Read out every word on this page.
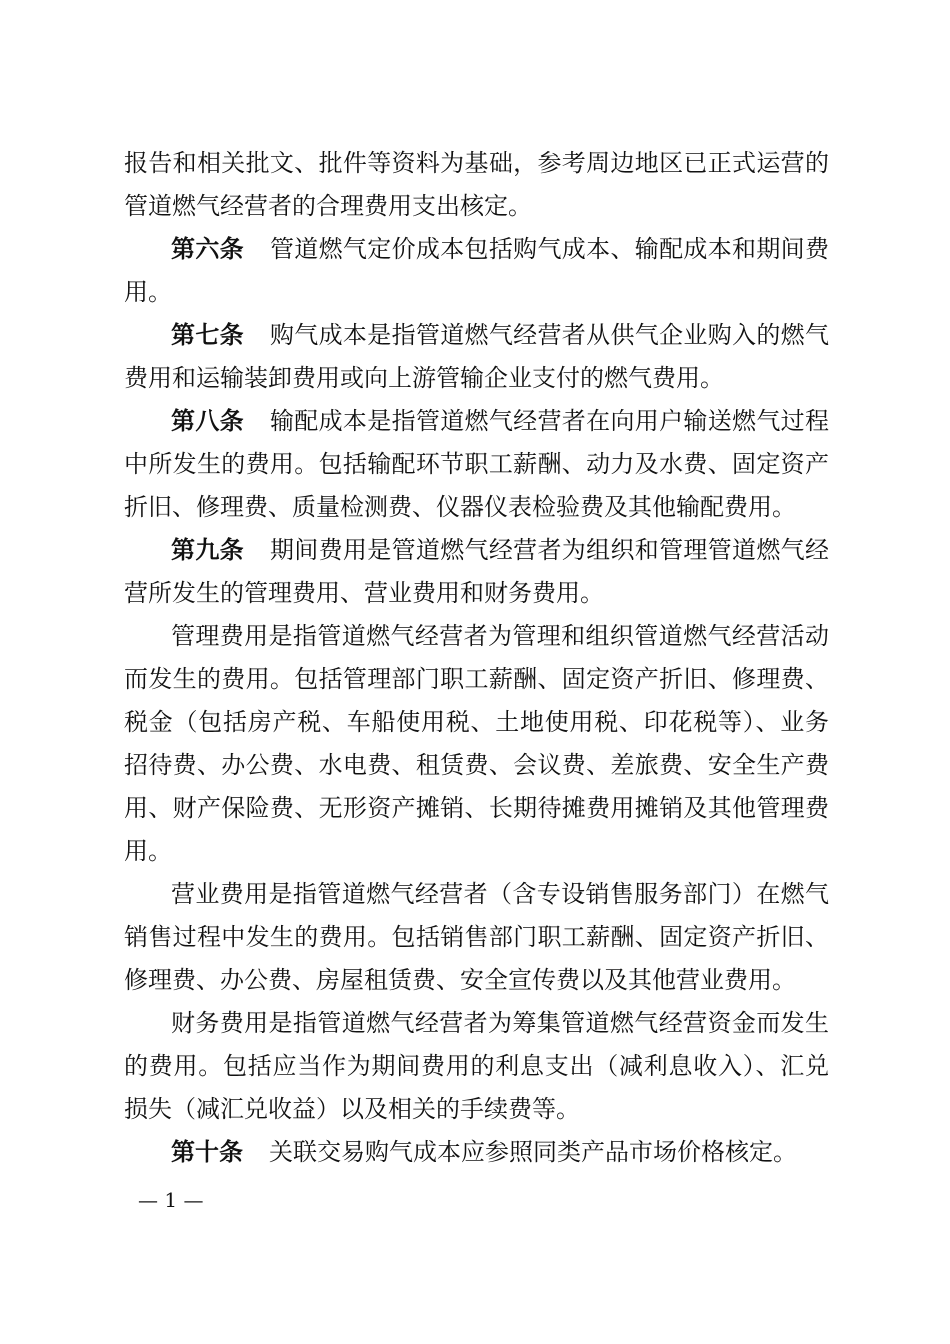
报告和相关批文、批件等资料为基础，参考周边地区已正式运营的
管道燃气经营者的合理费用支出核定。
第六条 管道燃气定价成本包括购气成本、输配成本和期间费
用。
第七条 购气成本是指管道燃气经营者从供气企业购入的燃气
费用和运输装卸费用或向上游管输企业支付的燃气费用。
第八条 输配成本是指管道燃气经营者在向用户输送燃气过程
中所发生的费用。包括输配环节职工薪酬、动力及水费、固定资产
折旧、修理费、质量检测费、仪器仪表检验费及其他输配费用。
第九条 期间费用是管道燃气经营者为组织和管理管道燃气经
营所发生的管理费用、营业费用和财务费用。
管理费用是指管道燃气经营者为管理和组织管道燃气经营活动
而发生的费用。包括管理部门职工薪酬、固定资产折旧、修理费、
税金（包括房产税、车船使用税、土地使用税、印花税等）、业务
招待费、办公费、水电费、租赁费、会议费、差旅费、安全生产费
用、财产保险费、无形资产摊销、长期待摊费用摊销及其他管理费
用。
营业费用是指管道燃气经营者（含专设销售服务部门）在燃气
销售过程中发生的费用。包括销售部门职工薪酬、固定资产折旧、
修理费、办公费、房屋租赁费、安全宣传费以及其他营业费用。
财务费用是指管道燃气经营者为筹集管道燃气经营资金而发生
的费用。包括应当作为期间费用的利息支出（减利息收入）、汇兑
损失（减汇兑收益）以及相关的手续费等。
第十条 关联交易购气成本应参照同类产品市场价格核定。
— 1 —
